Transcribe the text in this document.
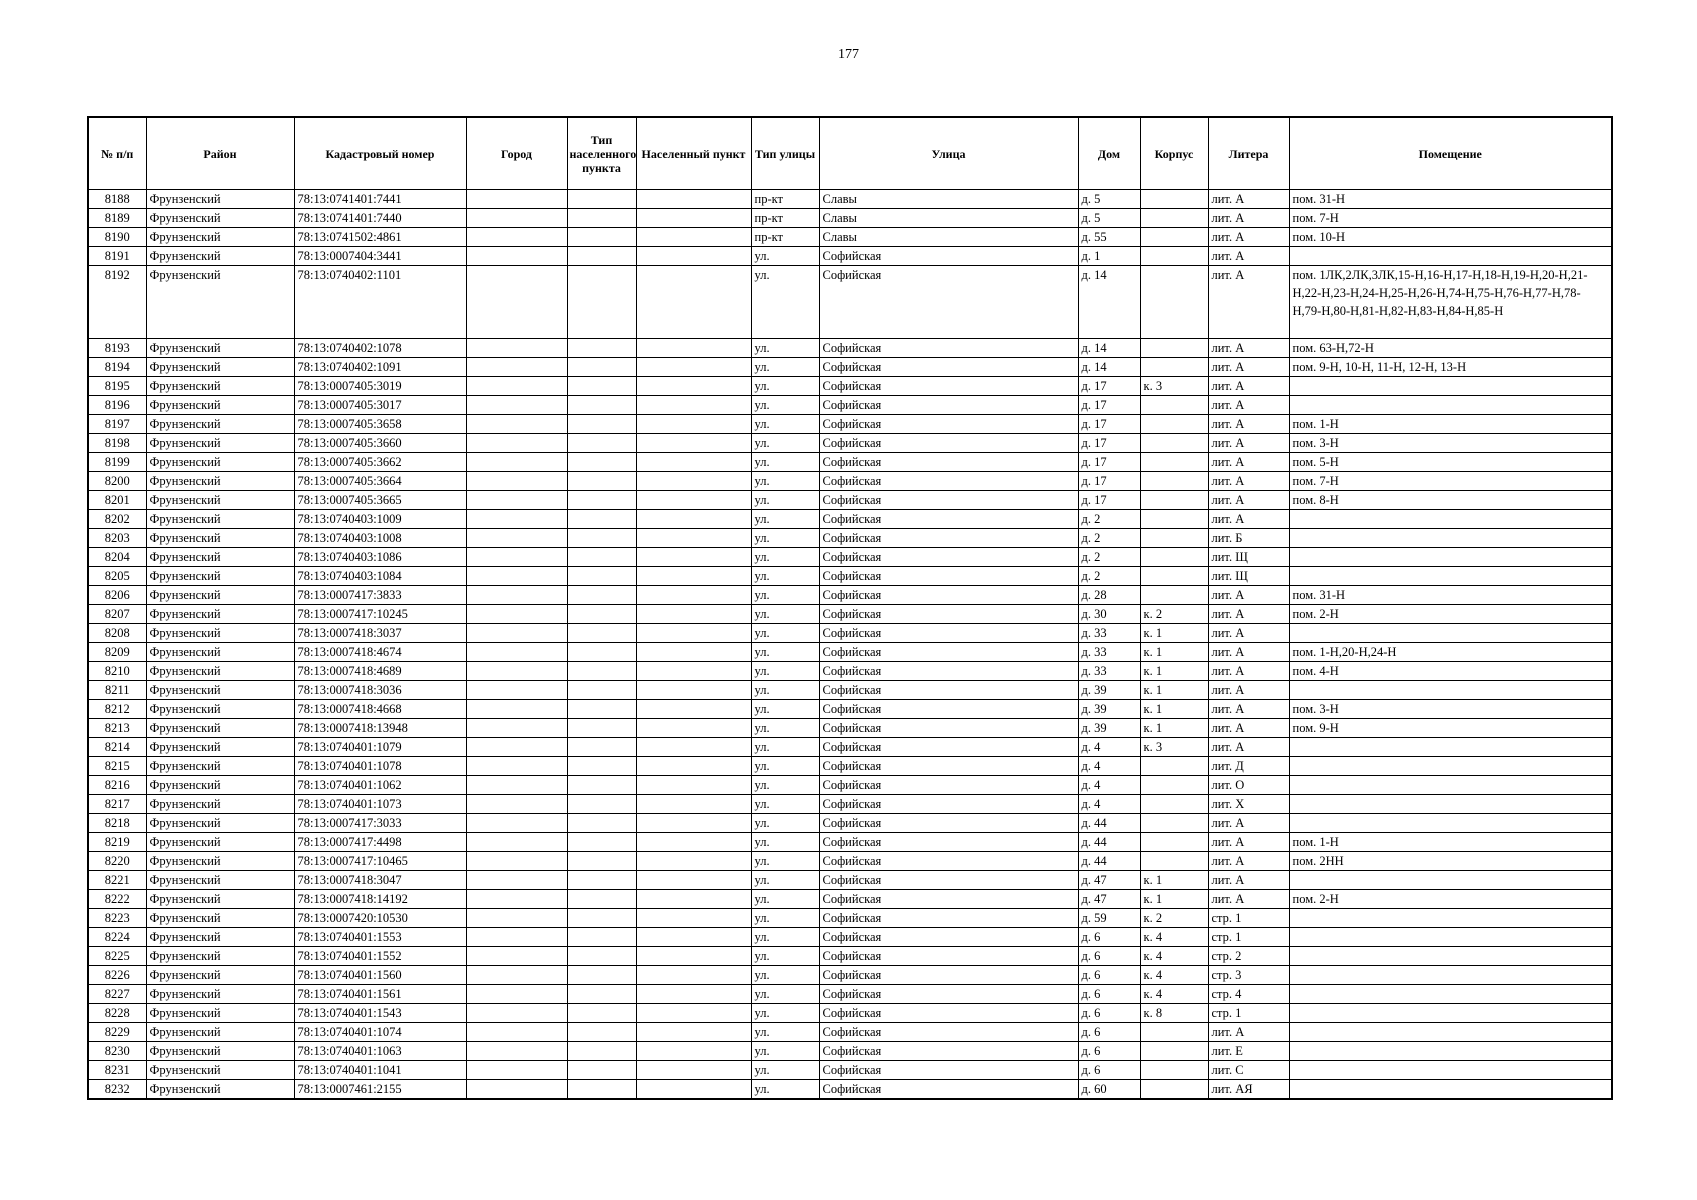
177
№ п/п	Район	Кадастровый номер	Город	Тип населенного пункта	Населенный пункт	Тип улицы	Улица	Дом	Корпус	Литера	Помещение
8188	Фрунзенский	78:13:0741401:7441				пр-кт	Славы	д. 5		лит. А	пом. 31-Н
8189	Фрунзенский	78:13:0741401:7440				пр-кт	Славы	д. 5		лит. А	пом. 7-Н
8190	Фрунзенский	78:13:0741502:4861				пр-кт	Славы	д. 55		лит. А	пом. 10-Н
8191	Фрунзенский	78:13:0007404:3441				ул.	Софийская	д. 1		лит. А	
8192	Фрунзенский	78:13:0740402:1101				ул.	Софийская	д. 14		лит. А	пом. 1ЛК,2ЛК,3ЛК,15-Н,16-Н,17-Н,18-Н,19-Н,20-Н,21-Н,22-Н,23-Н,24-Н,25-Н,26-Н,74-Н,75-Н,76-Н,77-Н,78-Н,79-Н,80-Н,81-Н,82-Н,83-Н,84-Н,85-Н
8193	Фрунзенский	78:13:0740402:1078				ул.	Софийская	д. 14		лит. А	пом. 63-Н,72-Н
8194	Фрунзенский	78:13:0740402:1091				ул.	Софийская	д. 14		лит. А	пом. 9-Н, 10-Н, 11-Н, 12-Н, 13-Н
8195	Фрунзенский	78:13:0007405:3019				ул.	Софийская	д. 17	к. 3	лит. А	
8196	Фрунзенский	78:13:0007405:3017				ул.	Софийская	д. 17		лит. А	
8197	Фрунзенский	78:13:0007405:3658				ул.	Софийская	д. 17		лит. А	пом. 1-Н
8198	Фрунзенский	78:13:0007405:3660				ул.	Софийская	д. 17		лит. А	пом. 3-Н
8199	Фрунзенский	78:13:0007405:3662				ул.	Софийская	д. 17		лит. А	пом. 5-Н
8200	Фрунзенский	78:13:0007405:3664				ул.	Софийская	д. 17		лит. А	пом. 7-Н
8201	Фрунзенский	78:13:0007405:3665				ул.	Софийская	д. 17		лит. А	пом. 8-Н
8202	Фрунзенский	78:13:0740403:1009				ул.	Софийская	д. 2		лит. А	
8203	Фрунзенский	78:13:0740403:1008				ул.	Софийская	д. 2		лит. Б	
8204	Фрунзенский	78:13:0740403:1086				ул.	Софийская	д. 2		лит. Щ	
8205	Фрунзенский	78:13:0740403:1084				ул.	Софийская	д. 2		лит. Щ	
8206	Фрунзенский	78:13:0007417:3833				ул.	Софийская	д. 28		лит. А	пом. 31-Н
8207	Фрунзенский	78:13:0007417:10245				ул.	Софийская	д. 30	к. 2	лит. А	пом. 2-Н
8208	Фрунзенский	78:13:0007418:3037				ул.	Софийская	д. 33	к. 1	лит. А	
8209	Фрунзенский	78:13:0007418:4674				ул.	Софийская	д. 33	к. 1	лит. А	пом. 1-Н,20-Н,24-Н
8210	Фрунзенский	78:13:0007418:4689				ул.	Софийская	д. 33	к. 1	лит. А	пом. 4-Н
8211	Фрунзенский	78:13:0007418:3036				ул.	Софийская	д. 39	к. 1	лит. А	
8212	Фрунзенский	78:13:0007418:4668				ул.	Софийская	д. 39	к. 1	лит. А	пом. 3-Н
8213	Фрунзенский	78:13:0007418:13948				ул.	Софийская	д. 39	к. 1	лит. А	пом. 9-Н
8214	Фрунзенский	78:13:0740401:1079				ул.	Софийская	д. 4	к. 3	лит. А	
8215	Фрунзенский	78:13:0740401:1078				ул.	Софийская	д. 4		лит. Д	
8216	Фрунзенский	78:13:0740401:1062				ул.	Софийская	д. 4		лит. О	
8217	Фрунзенский	78:13:0740401:1073				ул.	Софийская	д. 4		лит. Х	
8218	Фрунзенский	78:13:0007417:3033				ул.	Софийская	д. 44		лит. А	
8219	Фрунзенский	78:13:0007417:4498				ул.	Софийская	д. 44		лит. А	пом. 1-Н
8220	Фрунзенский	78:13:0007417:10465				ул.	Софийская	д. 44		лит. А	пом. 2НН
8221	Фрунзенский	78:13:0007418:3047				ул.	Софийская	д. 47	к. 1	лит. А	
8222	Фрунзенский	78:13:0007418:14192				ул.	Софийская	д. 47	к. 1	лит. А	пом. 2-Н
8223	Фрунзенский	78:13:0007420:10530				ул.	Софийская	д. 59	к. 2	стр. 1	
8224	Фрунзенский	78:13:0740401:1553				ул.	Софийская	д. 6	к. 4	стр. 1	
8225	Фрунзенский	78:13:0740401:1552				ул.	Софийская	д. 6	к. 4	стр. 2	
8226	Фрунзенский	78:13:0740401:1560				ул.	Софийская	д. 6	к. 4	стр. 3	
8227	Фрунзенский	78:13:0740401:1561				ул.	Софийская	д. 6	к. 4	стр. 4	
8228	Фрунзенский	78:13:0740401:1543				ул.	Софийская	д. 6	к. 8	стр. 1	
8229	Фрунзенский	78:13:0740401:1074				ул.	Софийская	д. 6		лит. А	
8230	Фрунзенский	78:13:0740401:1063				ул.	Софийская	д. 6		лит. Е	
8231	Фрунзенский	78:13:0740401:1041				ул.	Софийская	д. 6		лит. С	
8232	Фрунзенский	78:13:0007461:2155				ул.	Софийская	д. 60		лит. АЯ	
